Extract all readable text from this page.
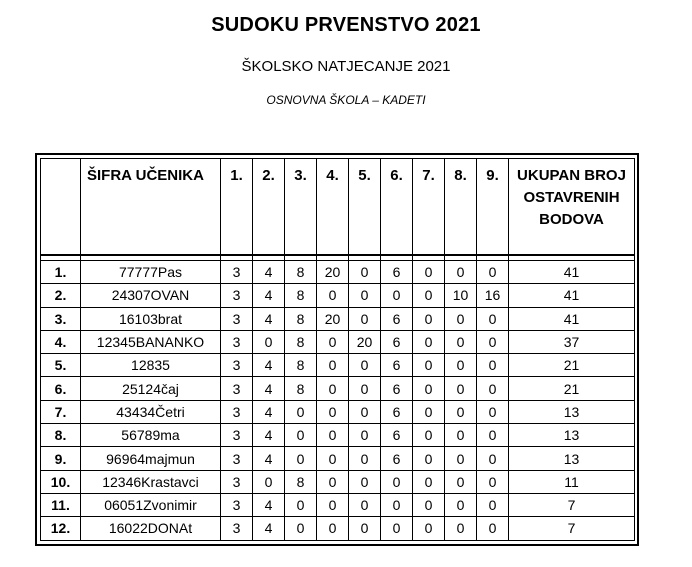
SUDOKU PRVENSTVO 2021
ŠKOLSKO NATJECANJE 2021
OSNOVNA ŠKOLA – KADETI
	ŠIFRA UČENIKA	1.	2.	3.	4.	5.	6.	7.	8.	9.	UKUPAN BROJ OSTAVRENIH BODOVA

1.	77777Pas	3	4	8	20	0	6	0	0	0	41
2.	24307OVAN	3	4	8	0	0	0	0	10	16	41
3.	16103brat	3	4	8	20	0	6	0	0	0	41
4.	12345BANANKO	3	0	8	0	20	6	0	0	0	37
5.	12835	3	4	8	0	0	6	0	0	0	21
6.	25124čaj	3	4	8	0	0	6	0	0	0	21
7.	43434Četri	3	4	0	0	0	6	0	0	0	13
8.	56789ma	3	4	0	0	0	6	0	0	0	13
9.	96964majmun	3	4	0	0	0	6	0	0	0	13
10.	12346Krastavci	3	0	8	0	0	0	0	0	0	11
11.	06051Zvonimir	3	4	0	0	0	0	0	0	0	7
12.	16022DONAt	3	4	0	0	0	0	0	0	0	7
